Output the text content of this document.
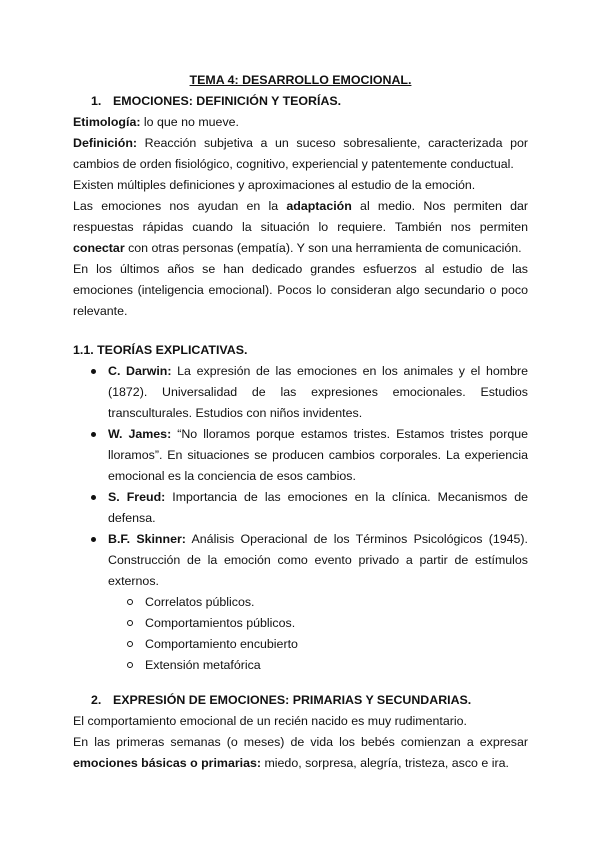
TEMA 4: DESARROLLO EMOCIONAL.

1. EMOCIONES: DEFINICIÓN Y TEORÍAS.

Etimología: lo que no mueve.

Definición: Reacción subjetiva a un suceso sobresaliente, caracterizada por cambios de orden fisiológico, cognitivo, experiencial y patentemente conductual.

Existen múltiples definiciones y aproximaciones al estudio de la emoción.

Las emociones nos ayudan en la adaptación al medio. Nos permiten dar respuestas rápidas cuando la situación lo requiere. También nos permiten conectar con otras personas (empatía). Y son una herramienta de comunicación.

En los últimos años se han dedicado grandes esfuerzos al estudio de las emociones (inteligencia emocional). Pocos lo consideran algo secundario o poco relevante.

1.1. TEORÍAS EXPLICATIVAS.

C. Darwin: La expresión de las emociones en los animales y el hombre (1872). Universalidad de las expresiones emocionales. Estudios transculturales. Estudios con niños invidentes.
W. James: “No lloramos porque estamos tristes. Estamos tristes porque lloramos”. En situaciones se producen cambios corporales. La experiencia emocional es la conciencia de esos cambios.
S. Freud: Importancia de las emociones en la clínica. Mecanismos de defensa.
B.F. Skinner: Análisis Operacional de los Términos Psicológicos (1945). Construcción de la emoción como evento privado a partir de estímulos externos.
Correlatos públicos.
Comportamientos públicos.
Comportamiento encubierto
Extensión metafórica

2. EXPRESIÓN DE EMOCIONES: PRIMARIAS Y SECUNDARIAS.

El comportamiento emocional de un recién nacido es muy rudimentario.

En las primeras semanas (o meses) de vida los bebés comienzan a expresar emociones básicas o primarias: miedo, sorpresa, alegría, tristeza, asco e ira.
